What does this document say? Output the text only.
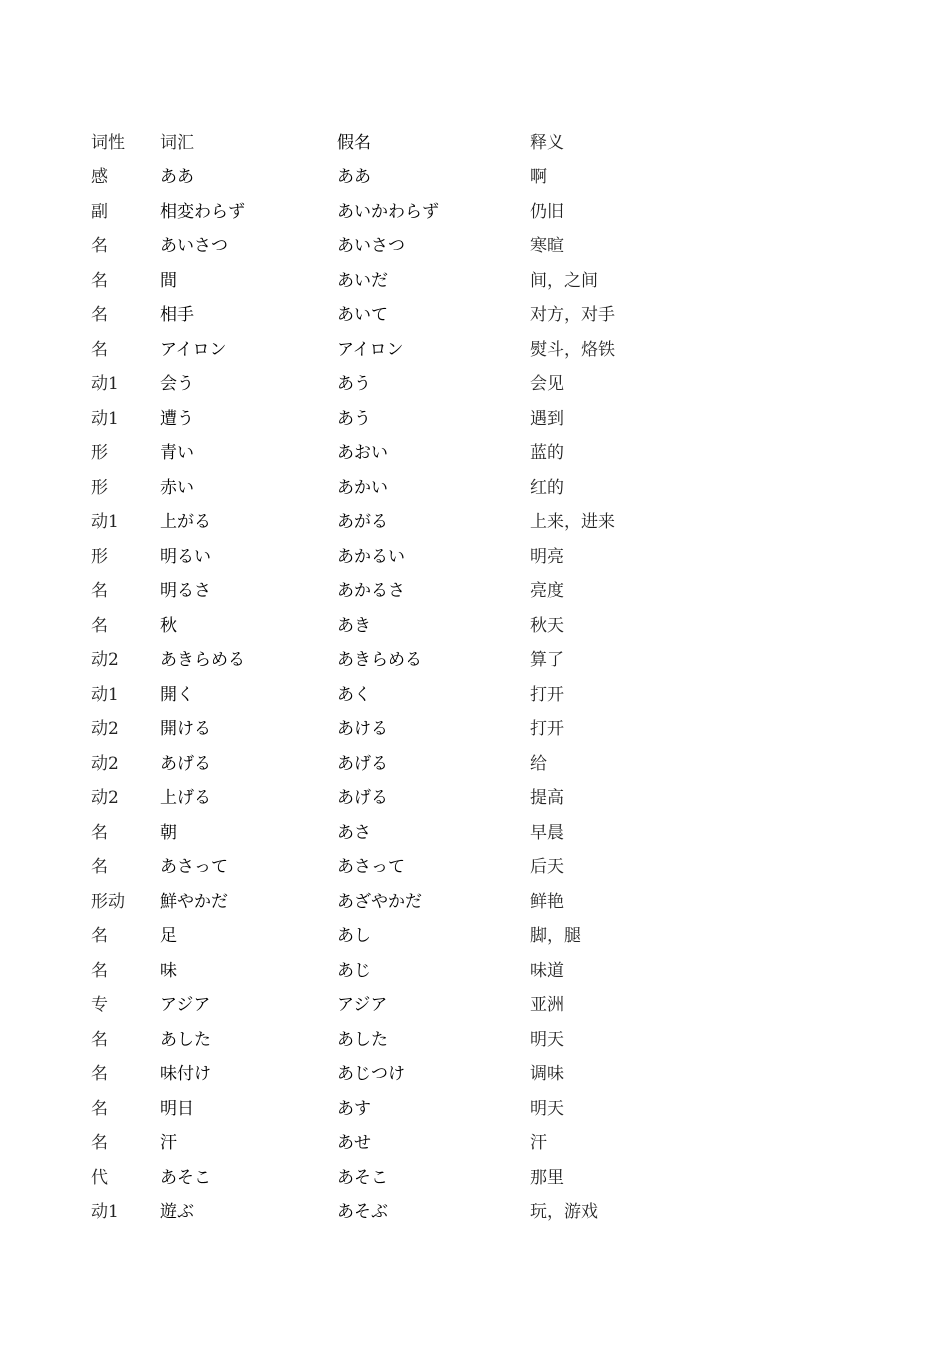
词性	词汇	假名	释义
感	ああ	ああ	啊
副	相変わらず	あいかわらず	仍旧
名	あいさつ	あいさつ	寒暄
名	間	あいだ	间，之间
名	相手	あいて	对方，对手
名	アイロン	アイロン	熨斗，烙铁
动1	会う	あう	会见
动1	遭う	あう	遇到
形	青い	あおい	蓝的
形	赤い	あかい	红的
动1	上がる	あがる	上来，进来
形	明るい	あかるい	明亮
名	明るさ	あかるさ	亮度
名	秋	あき	秋天
动2	あきらめる	あきらめる	算了
动1	開く	あく	打开
动2	開ける	あける	打开
动2	あげる	あげる	给
动2	上げる	あげる	提高
名	朝	あさ	早晨
名	あさって	あさって	后天
形动	鮮やかだ	あざやかだ	鲜艳
名	足	あし	脚，腿
名	味	あじ	味道
专	アジア	アジア	亚洲
名	あした	あした	明天
名	味付け	あじつけ	调味
名	明日	あす	明天
名	汗	あせ	汗
代	あそこ	あそこ	那里
动1	遊ぶ	あそぶ	玩，游戏
